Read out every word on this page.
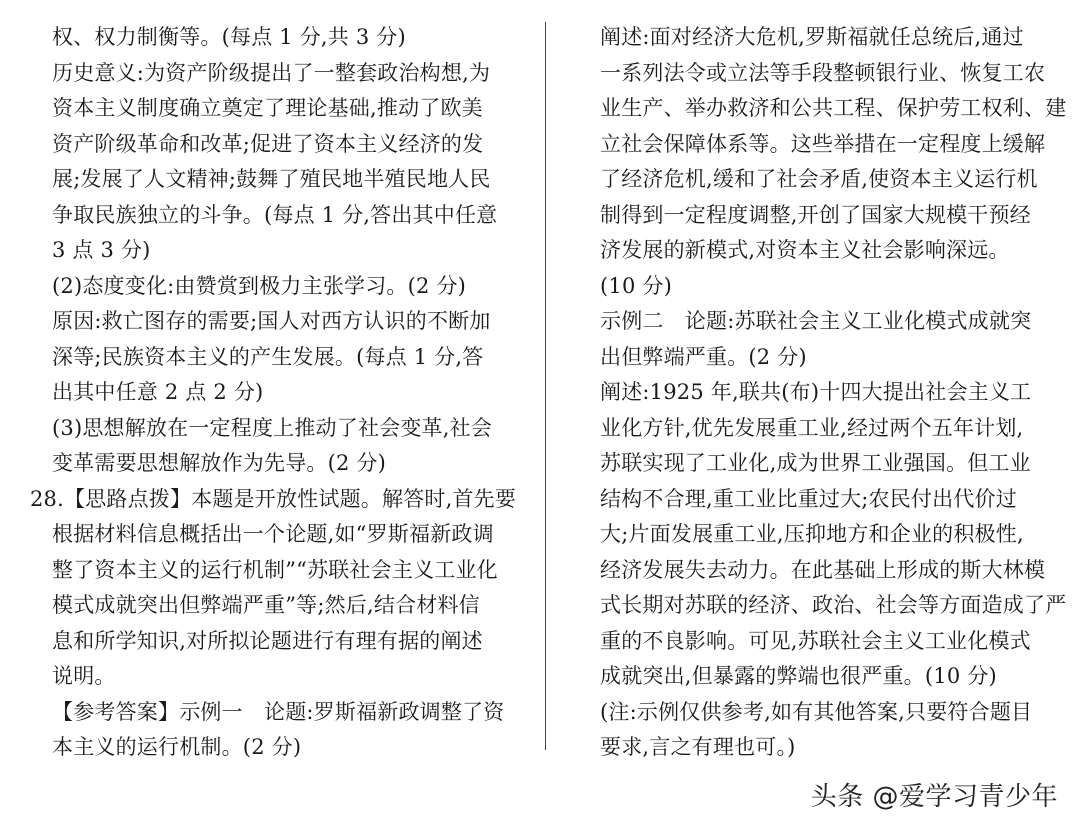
权、权力制衡等。(每点 1 分,共 3 分)
历史意义:为资产阶级提出了一整套政治构想,为
资本主义制度确立奠定了理论基础,推动了欧美
资产阶级革命和改革;促进了资本主义经济的发
展;发展了人文精神;鼓舞了殖民地半殖民地人民
争取民族独立的斗争。(每点 1 分,答出其中任意
3 点 3 分)
(2)态度变化:由赞赏到极力主张学习。(2 分)
原因:救亡图存的需要;国人对西方认识的不断加
深等;民族资本主义的产生发展。(每点 1 分,答
出其中任意 2 点 2 分)
(3)思想解放在一定程度上推动了社会变革,社会
变革需要思想解放作为先导。(2 分)
28.【思路点拨】本题是开放性试题。解答时,首先要
根据材料信息概括出一个论题,如“罗斯福新政调
整了资本主义的运行机制”“苏联社会主义工业化
模式成就突出但弊端严重”等;然后,结合材料信
息和所学知识,对所拟论题进行有理有据的阐述
说明。
【参考答案】示例一　论题:罗斯福新政调整了资
本主义的运行机制。(2 分)
阐述:面对经济大危机,罗斯福就任总统后,通过
一系列法令或立法等手段整顿银行业、恢复工农
业生产、举办救济和公共工程、保护劳工权利、建
立社会保障体系等。这些举措在一定程度上缓解
了经济危机,缓和了社会矛盾,使资本主义运行机
制得到一定程度调整,开创了国家大规模干预经
济发展的新模式,对资本主义社会影响深远。
(10 分)
示例二　论题:苏联社会主义工业化模式成就突
出但弊端严重。(2 分)
阐述:1925 年,联共(布)十四大提出社会主义工
业化方针,优先发展重工业,经过两个五年计划,
苏联实现了工业化,成为世界工业强国。但工业
结构不合理,重工业比重过大;农民付出代价过
大;片面发展重工业,压抑地方和企业的积极性,
经济发展失去动力。在此基础上形成的斯大林模
式长期对苏联的经济、政治、社会等方面造成了严
重的不良影响。可见,苏联社会主义工业化模式
成就突出,但暴露的弊端也很严重。(10 分)
(注:示例仅供参考,如有其他答案,只要符合题目
要求,言之有理也可。)
头条 @爱学习青少年
